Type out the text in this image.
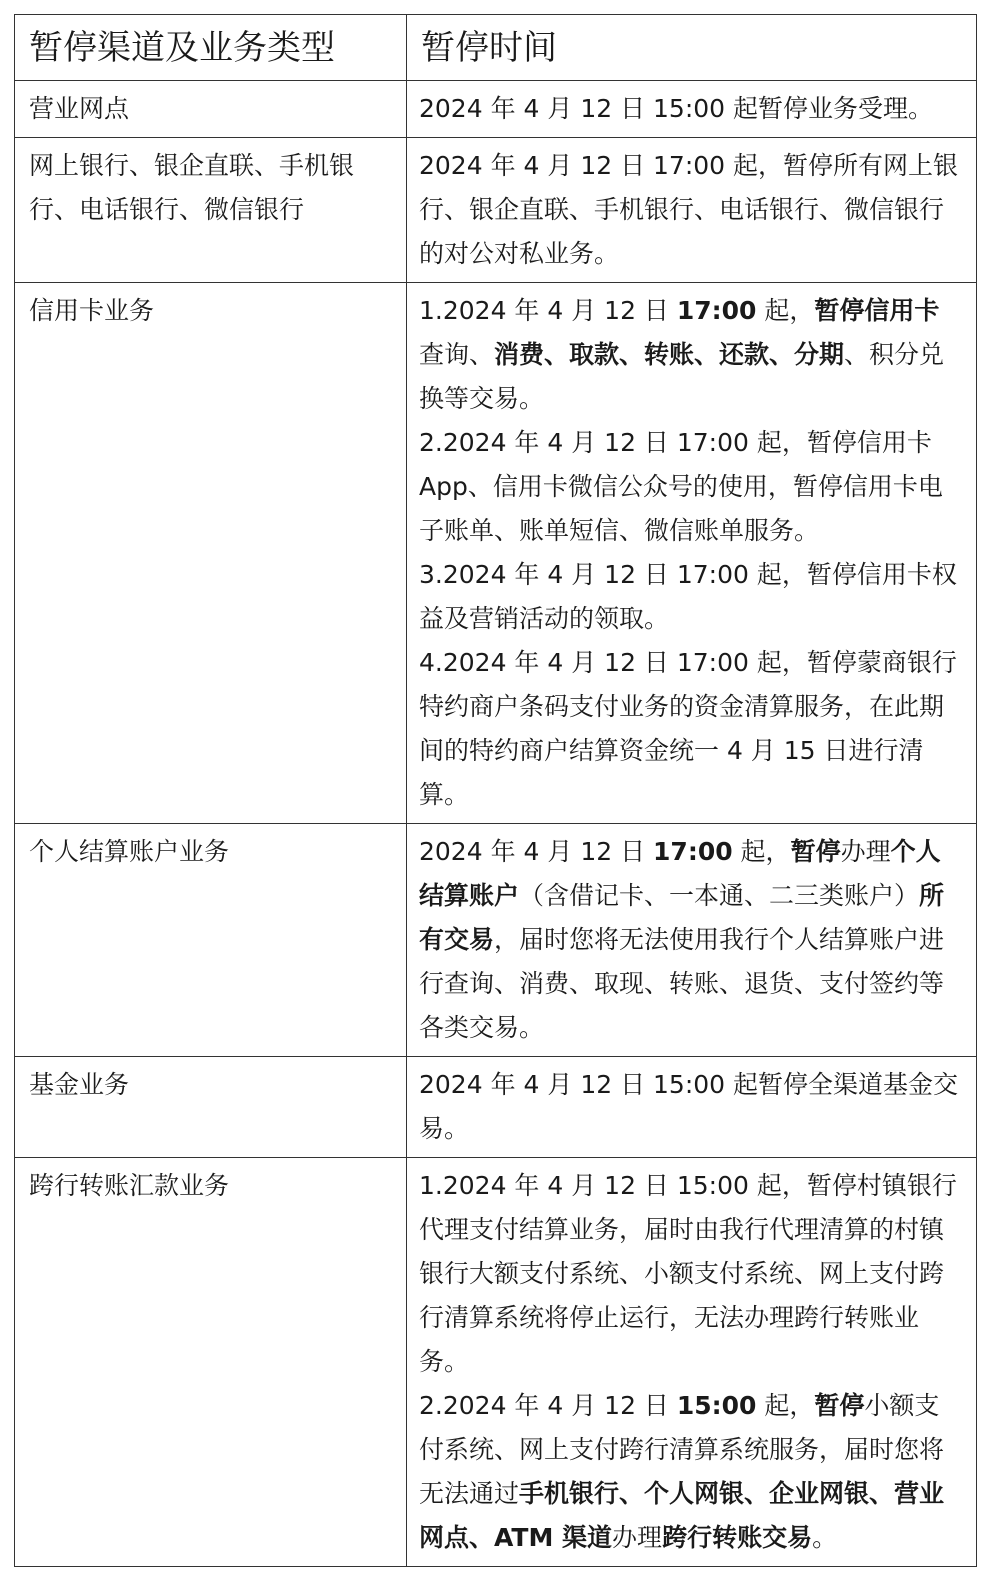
暂停渠道及业务类型	暂停时间
营业网点	2024 年 4 月 12 日 15:00 起暂停业务受理。

网上银行、银企直联、手机银行、电话银行、微信银行	2024 年 4 月 12 日 17:00 起，暂停所有网上银行、银企直联、手机银行、电话银行、微信银行的对公对私业务。

信用卡业务	1.2024 年 4 月 12 日 17:00 起，暂停信用卡查询、消费、取款、转账、还款、分期、积分兑换等交易。

2.2024 年 4 月 12 日 17:00 起，暂停信用卡 App、信用卡微信公众号的使用，暂停信用卡电子账单、账单短信、微信账单服务。

3.2024 年 4 月 12 日 17:00 起，暂停信用卡权益及营销活动的领取。

4.2024 年 4 月 12 日 17:00 起，暂停蒙商银行特约商户条码支付业务的资金清算服务，在此期间的特约商户结算资金统一 4 月 15 日进行清算。

个人结算账户业务	2024 年 4 月 12 日 17:00 起，暂停办理个人结算账户（含借记卡、一本通、二三类账户）所有交易，届时您将无法使用我行个人结算账户进行查询、消费、取现、转账、退货、支付签约等各类交易。

基金业务	2024 年 4 月 12 日 15:00 起暂停全渠道基金交易。

跨行转账汇款业务	1.2024 年 4 月 12 日 15:00 起，暂停村镇银行代理支付结算业务，届时由我行代理清算的村镇银行大额支付系统、小额支付系统、网上支付跨行清算系统将停止运行，无法办理跨行转账业务。

2.2024 年 4 月 12 日 15:00 起，暂停小额支付系统、网上支付跨行清算系统服务，届时您将无法通过手机银行、个人网银、企业网银、营业网点、ATM 渠道办理跨行转账交易。
